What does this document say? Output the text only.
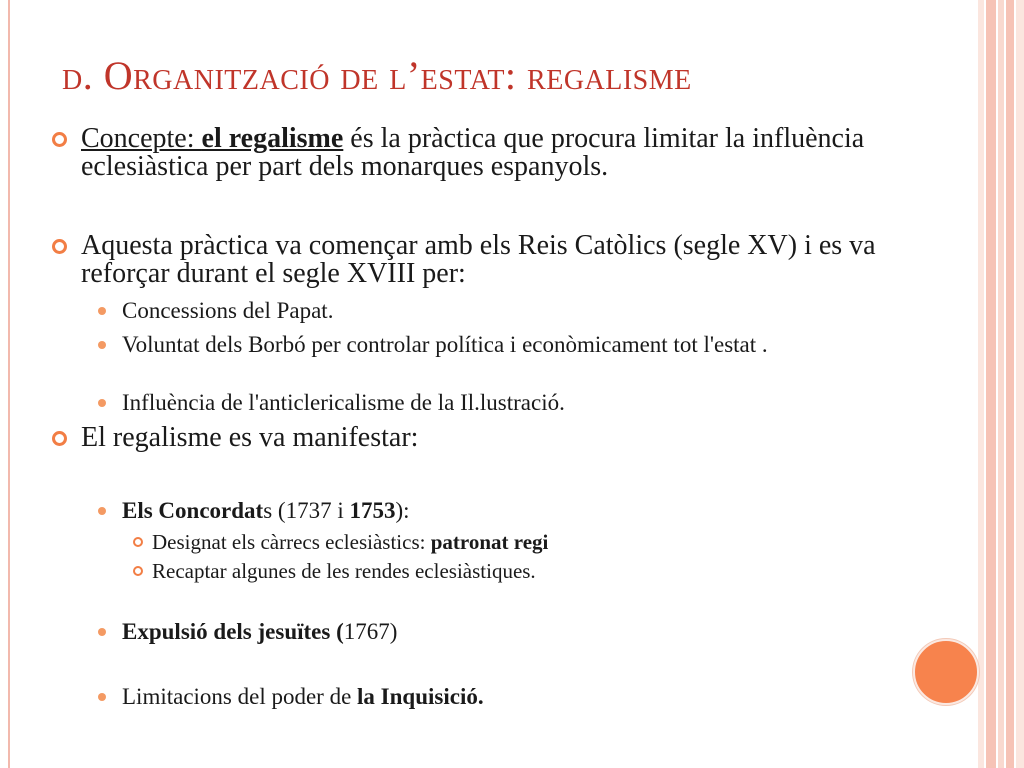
d. Organització de l’estat: regalisme
Concepte: el regalisme és la pràctica que procura limitar la influència eclesiàstica per part dels monarques espanyols.
Aquesta pràctica va començar amb els Reis Catòlics (segle XV) i es va reforçar durant el segle XVIII per:
Concessions del Papat.
Voluntat dels Borbó per controlar política i econòmicament tot l'estat .
Influència de l'anticlericalisme de la Il.lustració.
El regalisme es va manifestar:
Els Concordats (1737 i 1753):
Designat els càrrecs eclesiàstics: patronat regi
Recaptar algunes de les rendes eclesiàstiques.
Expulsió dels jesuïtes (1767)
Limitacions del poder de la Inquisició.
